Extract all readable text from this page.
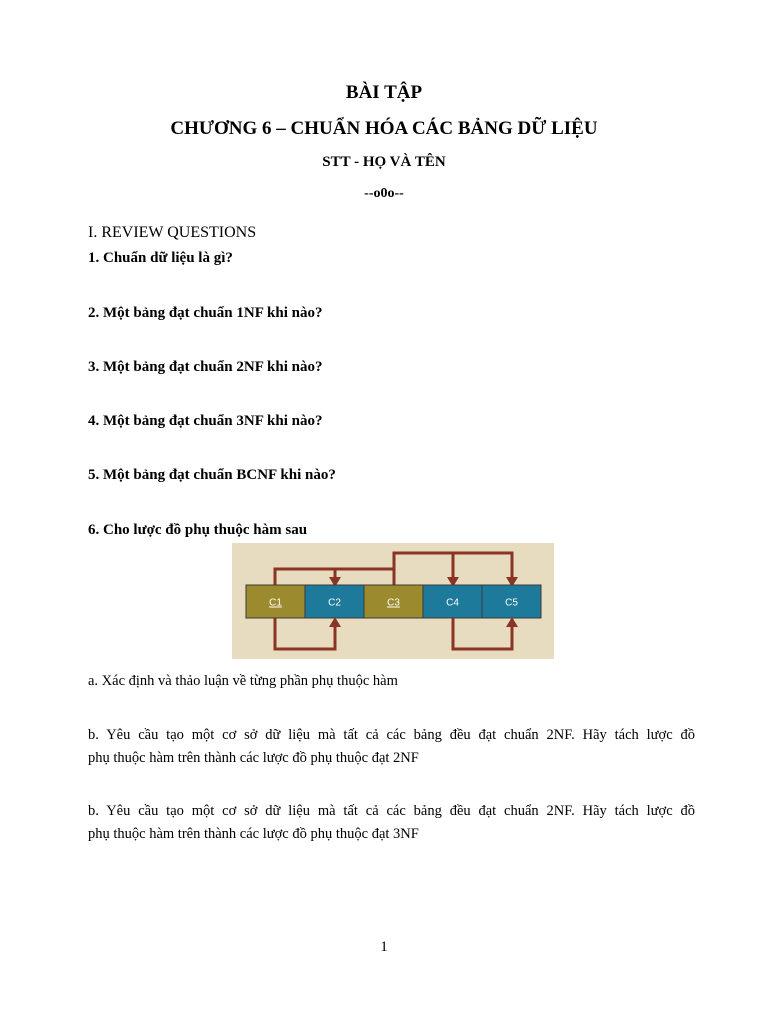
BÀI TẬP
CHƯƠNG 6 – CHUẨN HÓA CÁC BẢNG DỮ LIỆU
STT - HỌ VÀ TÊN
--o0o--
I. REVIEW QUESTIONS
1. Chuẩn dữ liệu là gì?
2. Một bảng đạt chuẩn 1NF khi nào?
3. Một bảng đạt chuẩn 2NF khi nào?
4. Một bảng đạt chuẩn 3NF khi nào?
5. Một bảng đạt chuẩn BCNF khi nào?
6. Cho lược đồ phụ thuộc hàm sau
C1	C2	C3	C4	C5
a. Xác định và thảo luận về từng phần phụ thuộc hàm
b. Yêu cầu tạo một cơ sở dữ liệu mà tất cả các bảng đều đạt chuẩn 2NF. Hãy tách lược đồ
phụ thuộc hàm trên thành các lược đồ phụ thuộc đạt 2NF
b. Yêu cầu tạo một cơ sở dữ liệu mà tất cả các bảng đều đạt chuẩn 2NF. Hãy tách lược đồ
phụ thuộc hàm trên thành các lược đồ phụ thuộc đạt 3NF
1
